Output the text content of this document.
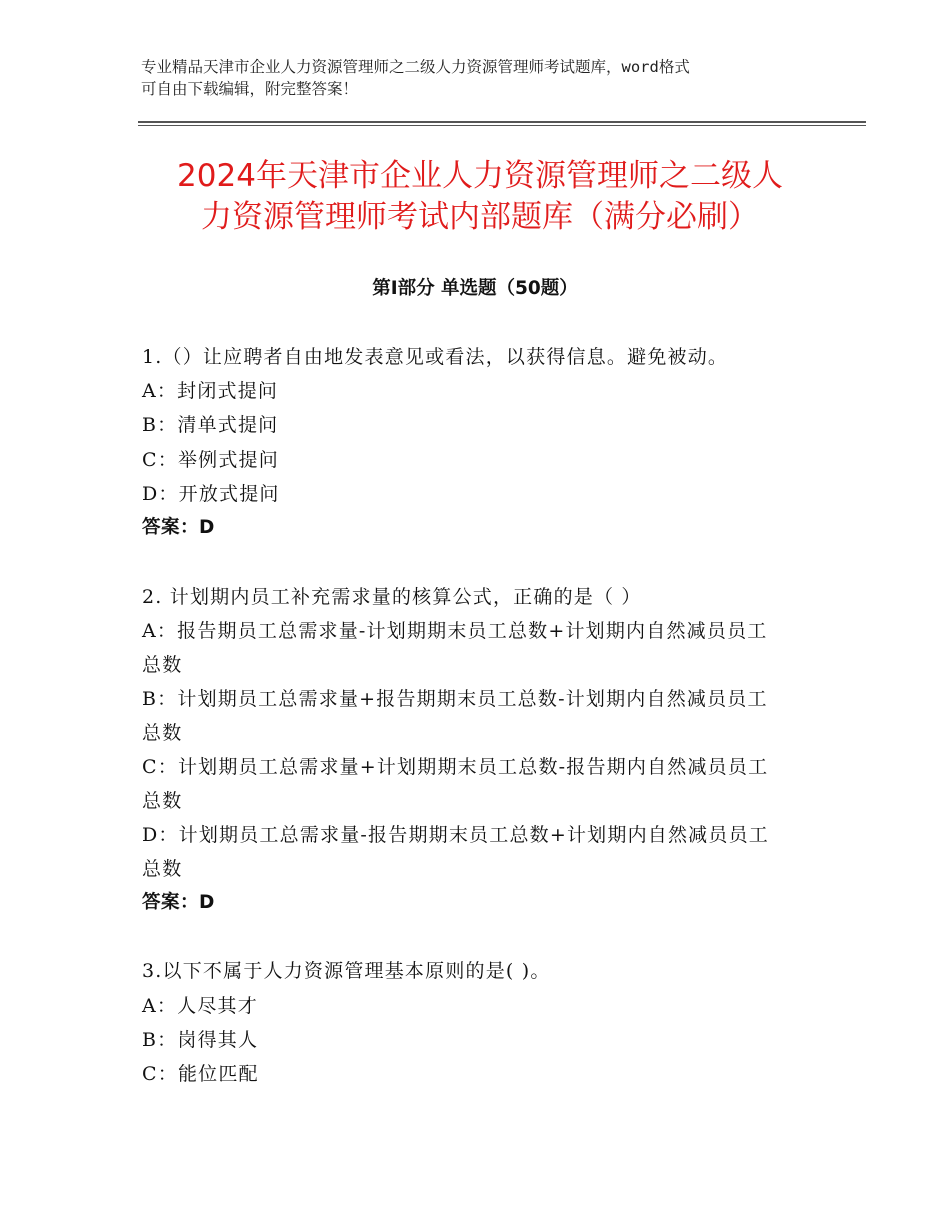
专业精品天津市企业人力资源管理师之二级人力资源管理师考试题库，word格式
可自由下载编辑，附完整答案！
2024年天津市企业人力资源管理师之二级人
力资源管理师考试内部题库（满分必刷）
第I部分 单选题（50题）
1.（）让应聘者自由地发表意见或看法，以获得信息。避免被动。
A：封闭式提问
B：清单式提问
C：举例式提问
D：开放式提问
答案：D
2. 计划期内员工补充需求量的核算公式，正确的是（ ）
A：报告期员工总需求量-计划期期末员工总数+计划期内自然减员员工
总数
B：计划期员工总需求量+报告期期末员工总数-计划期内自然减员员工
总数
C：计划期员工总需求量+计划期期末员工总数-报告期内自然减员员工
总数
D：计划期员工总需求量-报告期期末员工总数+计划期内自然减员员工
总数
答案：D
3.以下不属于人力资源管理基本原则的是( )。
A：人尽其才
B：岗得其人
C：能位匹配
